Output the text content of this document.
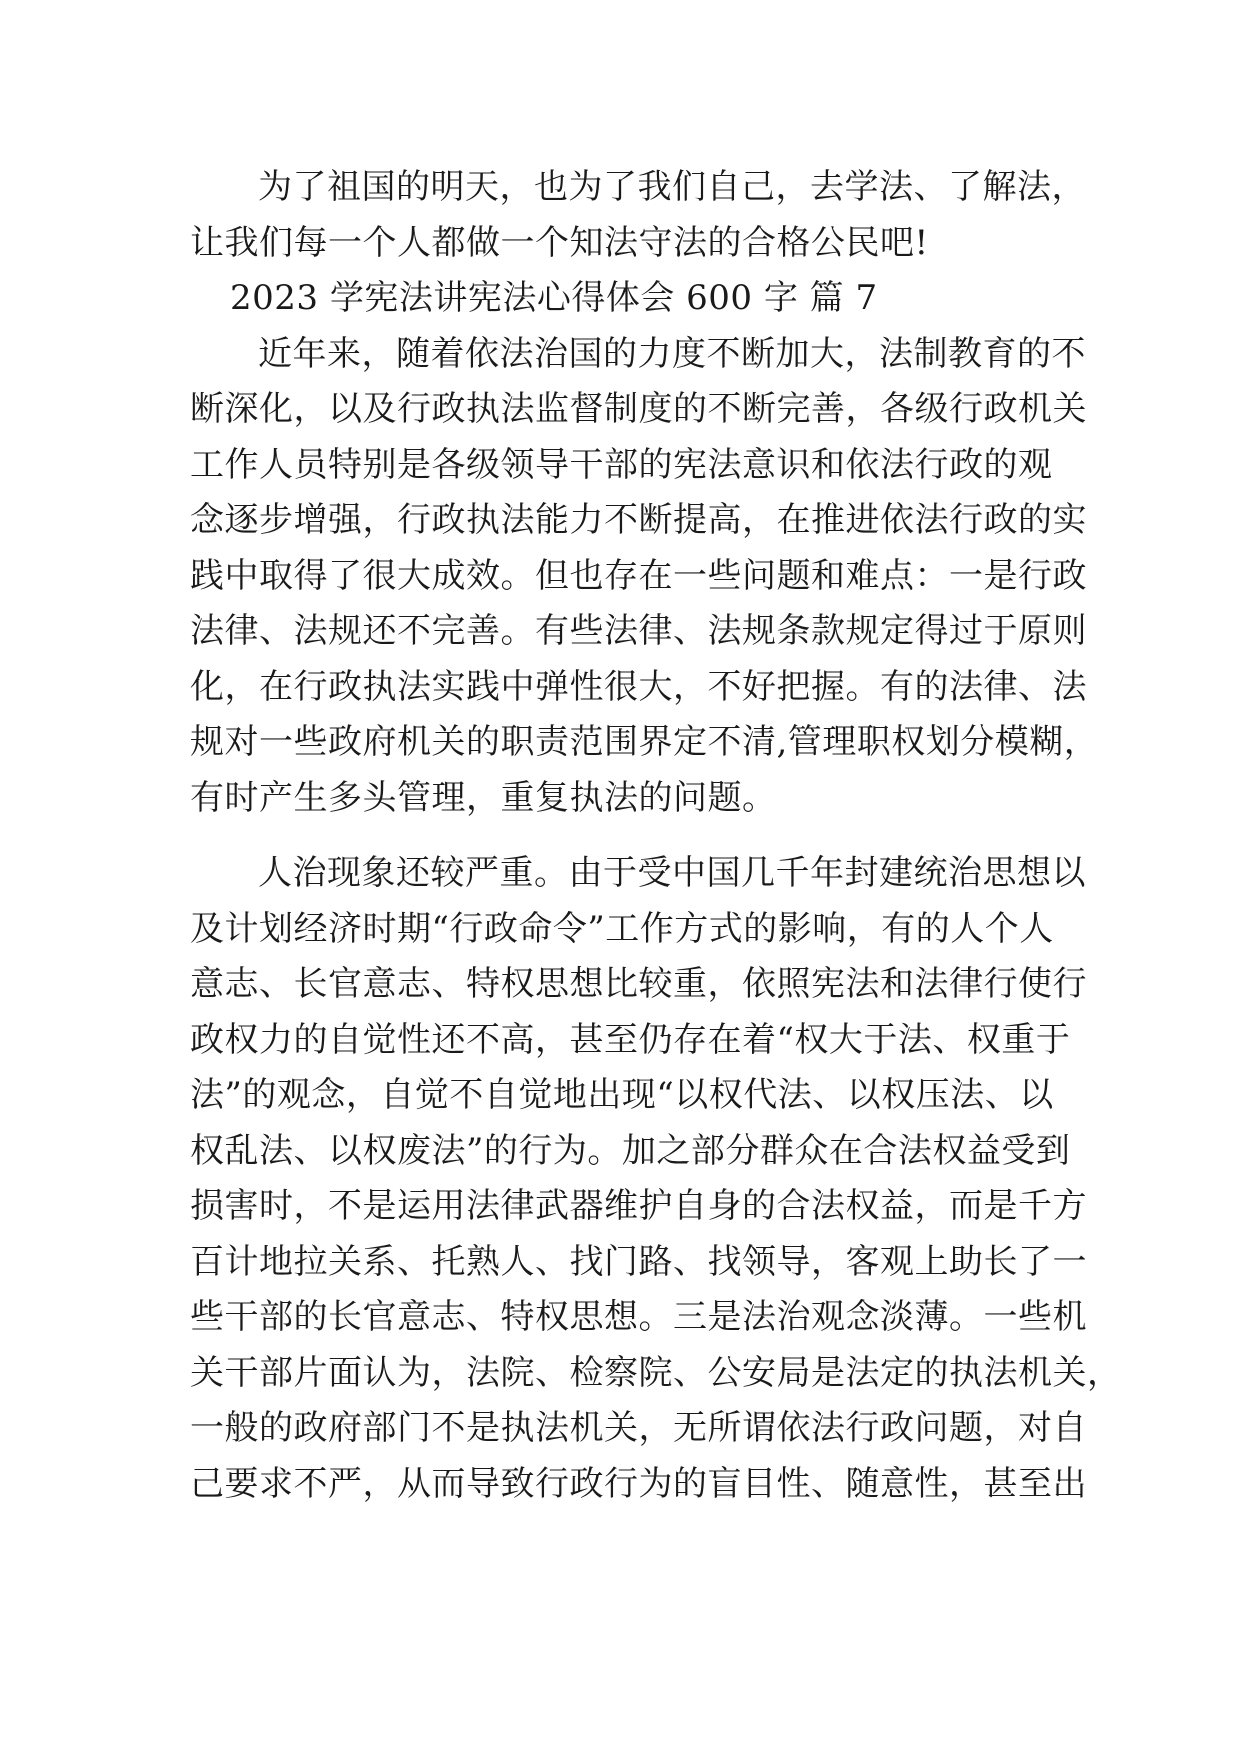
为了祖国的明天，也为了我们自己，去学法、了解法，
让我们每一个人都做一个知法守法的合格公民吧!
2023 学宪法讲宪法心得体会 600 字 篇 7
近年来，随着依法治国的力度不断加大，法制教育的不
断深化，以及行政执法监督制度的不断完善，各级行政机关
工作人员特别是各级领导干部的宪法意识和依法行政的观
念逐步增强，行政执法能力不断提高，在推进依法行政的实
践中取得了很大成效。但也存在一些问题和难点：一是行政
法律、法规还不完善。有些法律、法规条款规定得过于原则
化，在行政执法实践中弹性很大，不好把握。有的法律、法
规对一些政府机关的职责范围界定不清,管理职权划分模糊，
有时产生多头管理，重复执法的问题。
人治现象还较严重。由于受中国几千年封建统治思想以
及计划经济时期“行政命令”工作方式的影响，有的人个人
意志、长官意志、特权思想比较重，依照宪法和法律行使行
政权力的自觉性还不高，甚至仍存在着“权大于法、权重于
法”的观念，自觉不自觉地出现“以权代法、以权压法、以
权乱法、以权废法”的行为。加之部分群众在合法权益受到
损害时，不是运用法律武器维护自身的合法权益，而是千方
百计地拉关系、托熟人、找门路、找领导，客观上助长了一
些干部的长官意志、特权思想。三是法治观念淡薄。一些机
关干部片面认为，法院、检察院、公安局是法定的执法机关，
一般的政府部门不是执法机关，无所谓依法行政问题，对自
己要求不严，从而导致行政行为的盲目性、随意性，甚至出
